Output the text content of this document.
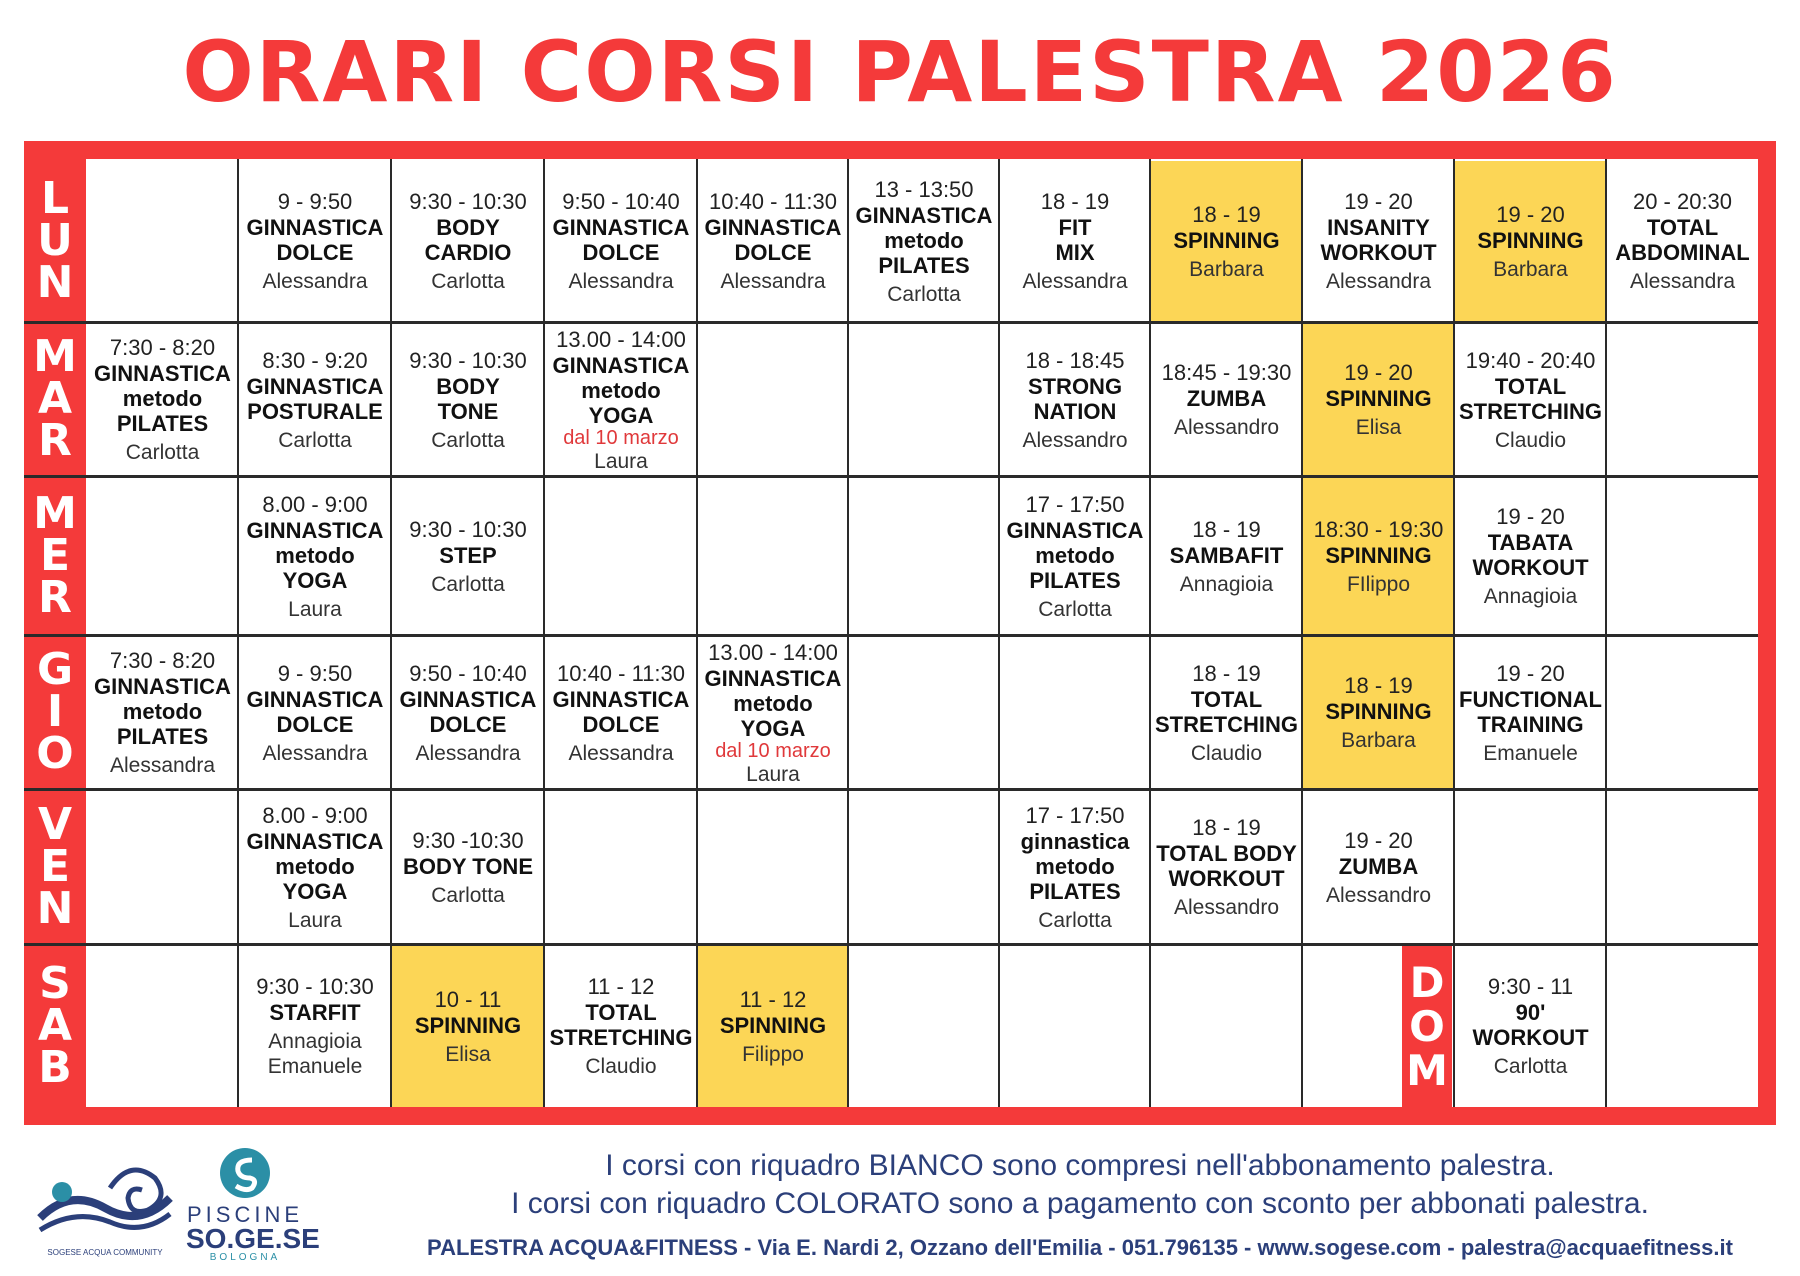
ORARI CORSI PALESTRA 2026
L
U
N
M
A
R
M
E
R
G
I
O
V
E
N
S
A
B
9 - 9:50
GINNASTICA
DOLCE
Alessandra
9:30 - 10:30
BODY
CARDIO
Carlotta
9:50 - 10:40
GINNASTICA
DOLCE
Alessandra
10:40 - 11:30
GINNASTICA
DOLCE
Alessandra
13 - 13:50
GINNASTICA
metodo
PILATES
Carlotta
18 - 19
FIT
MIX
Alessandra
18 - 19
SPINNING
Barbara
19 - 20
INSANITY
WORKOUT
Alessandra
19 - 20
SPINNING
Barbara
20 - 20:30
TOTAL
ABDOMINAL
Alessandra
7:30 - 8:20
GINNASTICA
metodo
PILATES
Carlotta
8:30 - 9:20
GINNASTICA
POSTURALE
Carlotta
9:30 - 10:30
BODY
TONE
Carlotta
13.00 - 14:00
GINNASTICA
metodo
YOGA
dal 10 marzo
Laura
18 - 18:45
STRONG
NATION
Alessandro
18:45 - 19:30
ZUMBA
Alessandro
19 - 20
SPINNING
Elisa
19:40 - 20:40
TOTAL
STRETCHING
Claudio
8.00 - 9:00
GINNASTICA
metodo
YOGA
Laura
9:30 - 10:30
STEP
Carlotta
17 - 17:50
GINNASTICA
metodo
PILATES
Carlotta
18 - 19
SAMBAFIT
Annagioia
18:30 - 19:30
SPINNING
FIlippo
19 - 20
TABATA
WORKOUT
Annagioia
7:30 - 8:20
GINNASTICA
metodo
PILATES
Alessandra
9 - 9:50
GINNASTICA
DOLCE
Alessandra
9:50 - 10:40
GINNASTICA
DOLCE
Alessandra
10:40 - 11:30
GINNASTICA
DOLCE
Alessandra
13.00 - 14:00
GINNASTICA
metodo
YOGA
dal 10 marzo
Laura
18 - 19
TOTAL
STRETCHING
Claudio
18 - 19
SPINNING
Barbara
19 - 20
FUNCTIONAL
TRAINING
Emanuele
8.00 - 9:00
GINNASTICA
metodo
YOGA
Laura
9:30 -10:30
BODY TONE
Carlotta
17 - 17:50
ginnastica
metodo
PILATES
Carlotta
18 - 19
TOTAL BODY
WORKOUT
Alessandro
19 - 20
ZUMBA
Alessandro
9:30 - 10:30
STARFIT
Annagioia Emanuele
10 - 11
SPINNING
Elisa
11 - 12
TOTAL
STRETCHING
Claudio
11 - 12
SPINNING
Filippo
9:30 - 11
90'
WORKOUT
Carlotta
D
O
M
SOGESE ACQUA COMMUNITY
PISCINE
SO.GE.SE
BOLOGNA
I corsi con riquadro BIANCO sono compresi nell'abbonamento palestra.
I corsi con riquadro COLORATO sono a pagamento con sconto per abbonati palestra.
PALESTRA ACQUA&FITNESS - Via E. Nardi 2, Ozzano dell'Emilia - 051.796135 - www.sogese.com - palestra@acquaefitness.it
